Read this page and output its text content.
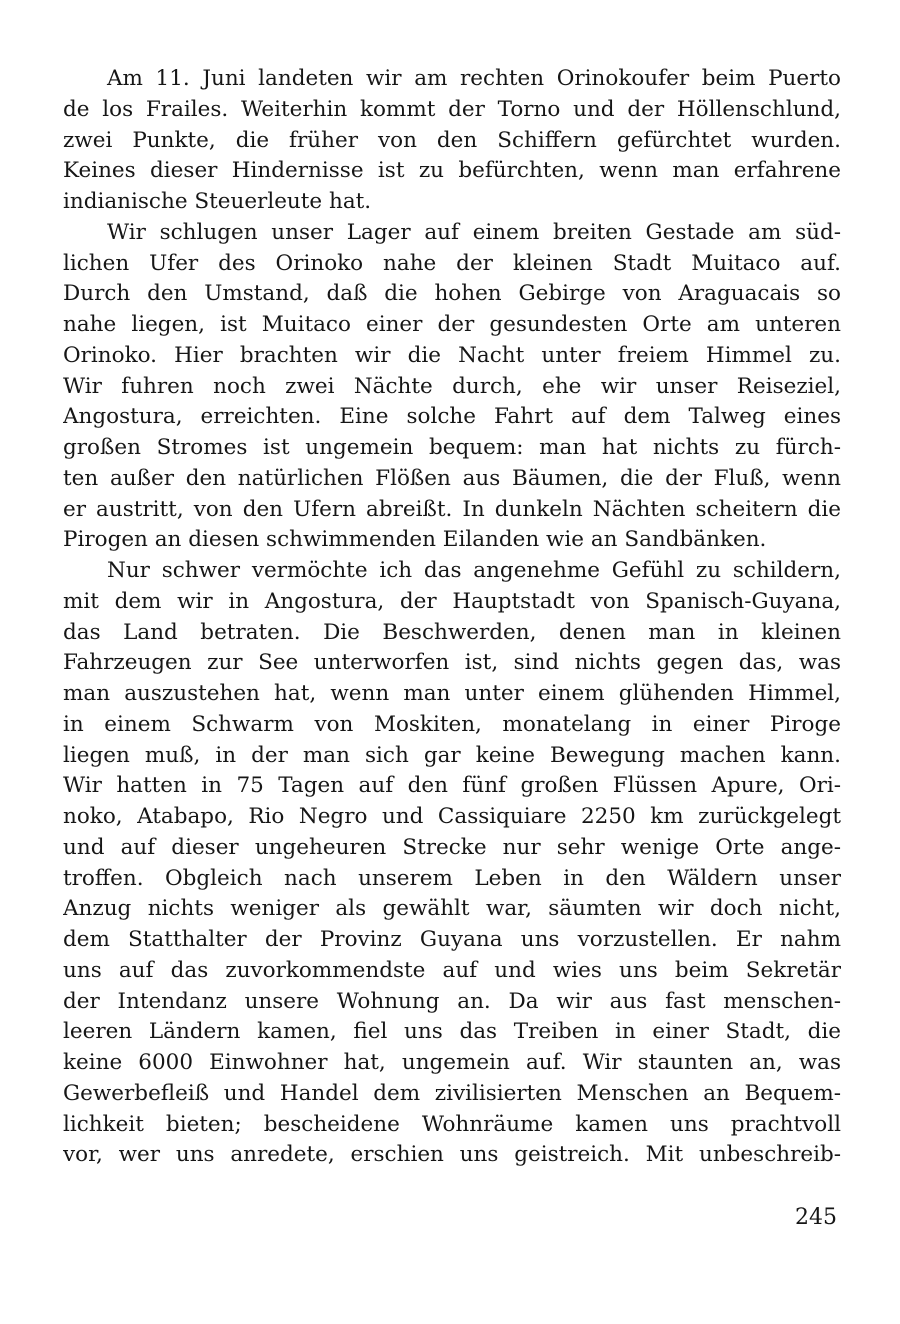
Am 11. Juni landeten wir am rechten Orinokoufer beim Puerto
de los Frailes. Weiterhin kommt der Torno und der Höllenschlund,
zwei Punkte, die früher von den Schiffern gefürchtet wurden.
Keines dieser Hindernisse ist zu befürchten, wenn man erfahrene
indianische Steuerleute hat.
Wir schlugen unser Lager auf einem breiten Gestade am süd-
lichen Ufer des Orinoko nahe der kleinen Stadt Muitaco auf.
Durch den Umstand, daß die hohen Gebirge von Araguacais so
nahe liegen, ist Muitaco einer der gesundesten Orte am unteren
Orinoko. Hier brachten wir die Nacht unter freiem Himmel zu.
Wir fuhren noch zwei Nächte durch, ehe wir unser Reiseziel,
Angostura, erreichten. Eine solche Fahrt auf dem Talweg eines
großen Stromes ist ungemein bequem: man hat nichts zu fürch-
ten außer den natürlichen Flößen aus Bäumen, die der Fluß, wenn
er austritt, von den Ufern abreißt. In dunkeln Nächten scheitern die
Pirogen an diesen schwimmenden Eilanden wie an Sandbänken.
Nur schwer vermöchte ich das angenehme Gefühl zu schildern,
mit dem wir in Angostura, der Hauptstadt von Spanisch-Guyana,
das Land betraten. Die Beschwerden, denen man in kleinen
Fahrzeugen zur See unterworfen ist, sind nichts gegen das, was
man auszustehen hat, wenn man unter einem glühenden Himmel,
in einem Schwarm von Moskiten, monatelang in einer Piroge
liegen muß, in der man sich gar keine Bewegung machen kann.
Wir hatten in 75 Tagen auf den fünf großen Flüssen Apure, Ori-
noko, Atabapo, Rio Negro und Cassiquiare 2250 km zurückgelegt
und auf dieser ungeheuren Strecke nur sehr wenige Orte ange-
troffen. Obgleich nach unserem Leben in den Wäldern unser
Anzug nichts weniger als gewählt war, säumten wir doch nicht,
dem Statthalter der Provinz Guyana uns vorzustellen. Er nahm
uns auf das zuvorkommendste auf und wies uns beim Sekretär
der Intendanz unsere Wohnung an. Da wir aus fast menschen-
leeren Ländern kamen, fiel uns das Treiben in einer Stadt, die
keine 6000 Einwohner hat, ungemein auf. Wir staunten an, was
Gewerbefleiß und Handel dem zivilisierten Menschen an Bequem-
lichkeit bieten; bescheidene Wohnräume kamen uns prachtvoll
vor, wer uns anredete, erschien uns geistreich. Mit unbeschreib-
245
